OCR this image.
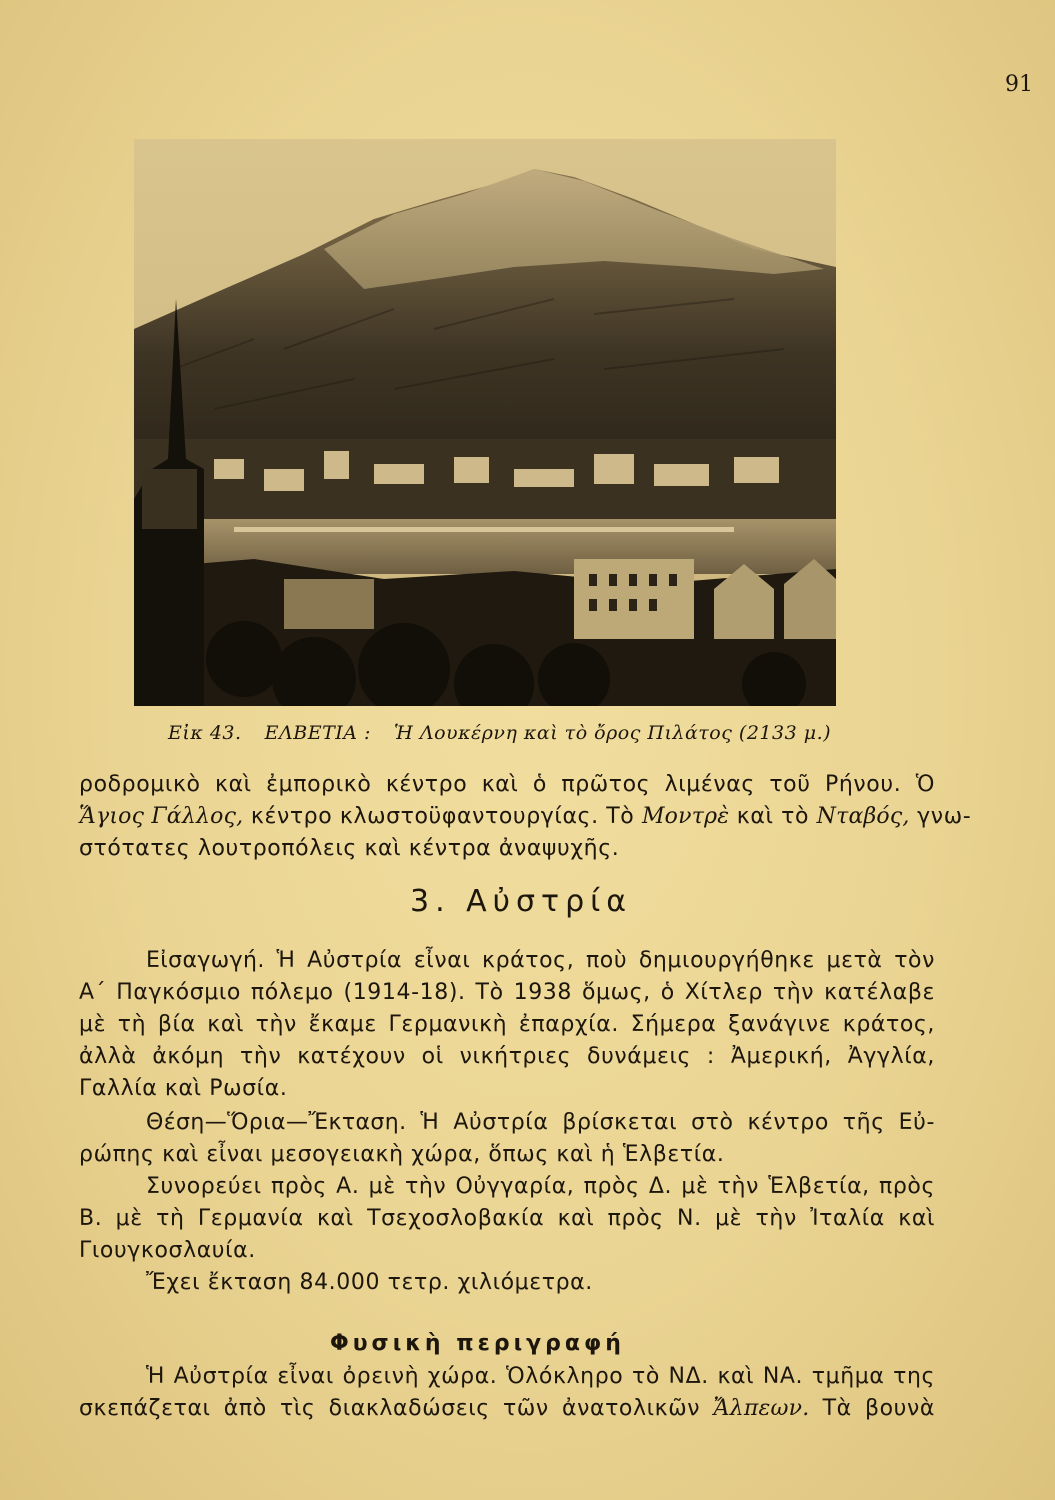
91
Εἰκ 43. ΕΛΒΕΤΙΑ : Ἡ Λουκέρνη καὶ τὸ ὄρος Πιλάτος (2133 μ.)
ροδρομικὸ καὶ ἐμπορικὸ κέντρο καὶ ὁ πρῶτος λιμένας τοῦ Ρήνου. Ὁ
Ἅγιος Γάλλος, κέντρο κλωστοϋφαντουργίας. Τὸ Μοντρὲ καὶ τὸ Νταβός, γνω-
στότατες λουτροπόλεις καὶ κέντρα ἀναψυχῆς.
3. Αὐστρία
Εἰσαγωγή. Ἡ Αὐστρία εἶναι κράτος, ποὺ δημιουργήθηκε μετὰ τὸν
Α΄ Παγκόσμιο πόλεμο (1914-18). Τὸ 1938 ὅμως, ὁ Χίτλερ τὴν κατέλαβε
μὲ τὴ βία καὶ τὴν ἔκαμε Γερμανικὴ ἐπαρχία. Σήμερα ξανάγινε κράτος,
ἀλλὰ ἀκόμη τὴν κατέχουν οἱ νικήτριες δυνάμεις : Ἀμερική, Ἀγγλία,
Γαλλία καὶ Ρωσία.
Θέση—Ὅρια—Ἔκταση. Ἡ Αὐστρία βρίσκεται στὸ κέντρο τῆς Εὐ-
ρώπης καὶ εἶναι μεσογειακὴ χώρα, ὅπως καὶ ἡ Ἑλβετία.
Συνορεύει πρὸς Α. μὲ τὴν Οὐγγαρία, πρὸς Δ. μὲ τὴν Ἑλβετία, πρὸς
Β. μὲ τὴ Γερμανία καὶ Τσεχοσλοβακία καὶ πρὸς Ν. μὲ τὴν Ἰταλία καὶ
Γιουγκοσλαυία.
Ἔχει ἔκταση 84.000 τετρ. χιλιόμετρα.
Φυσικὴ περιγραφή
Ἡ Αὐστρία εἶναι ὀρεινὴ χώρα. Ὁλόκληρο τὸ ΝΔ. καὶ ΝΑ. τμῆμα της
σκεπάζεται ἀπὸ τὶς διακλαδώσεις τῶν ἀνατολικῶν Ἄλπεων. Τὰ βουνὰ
